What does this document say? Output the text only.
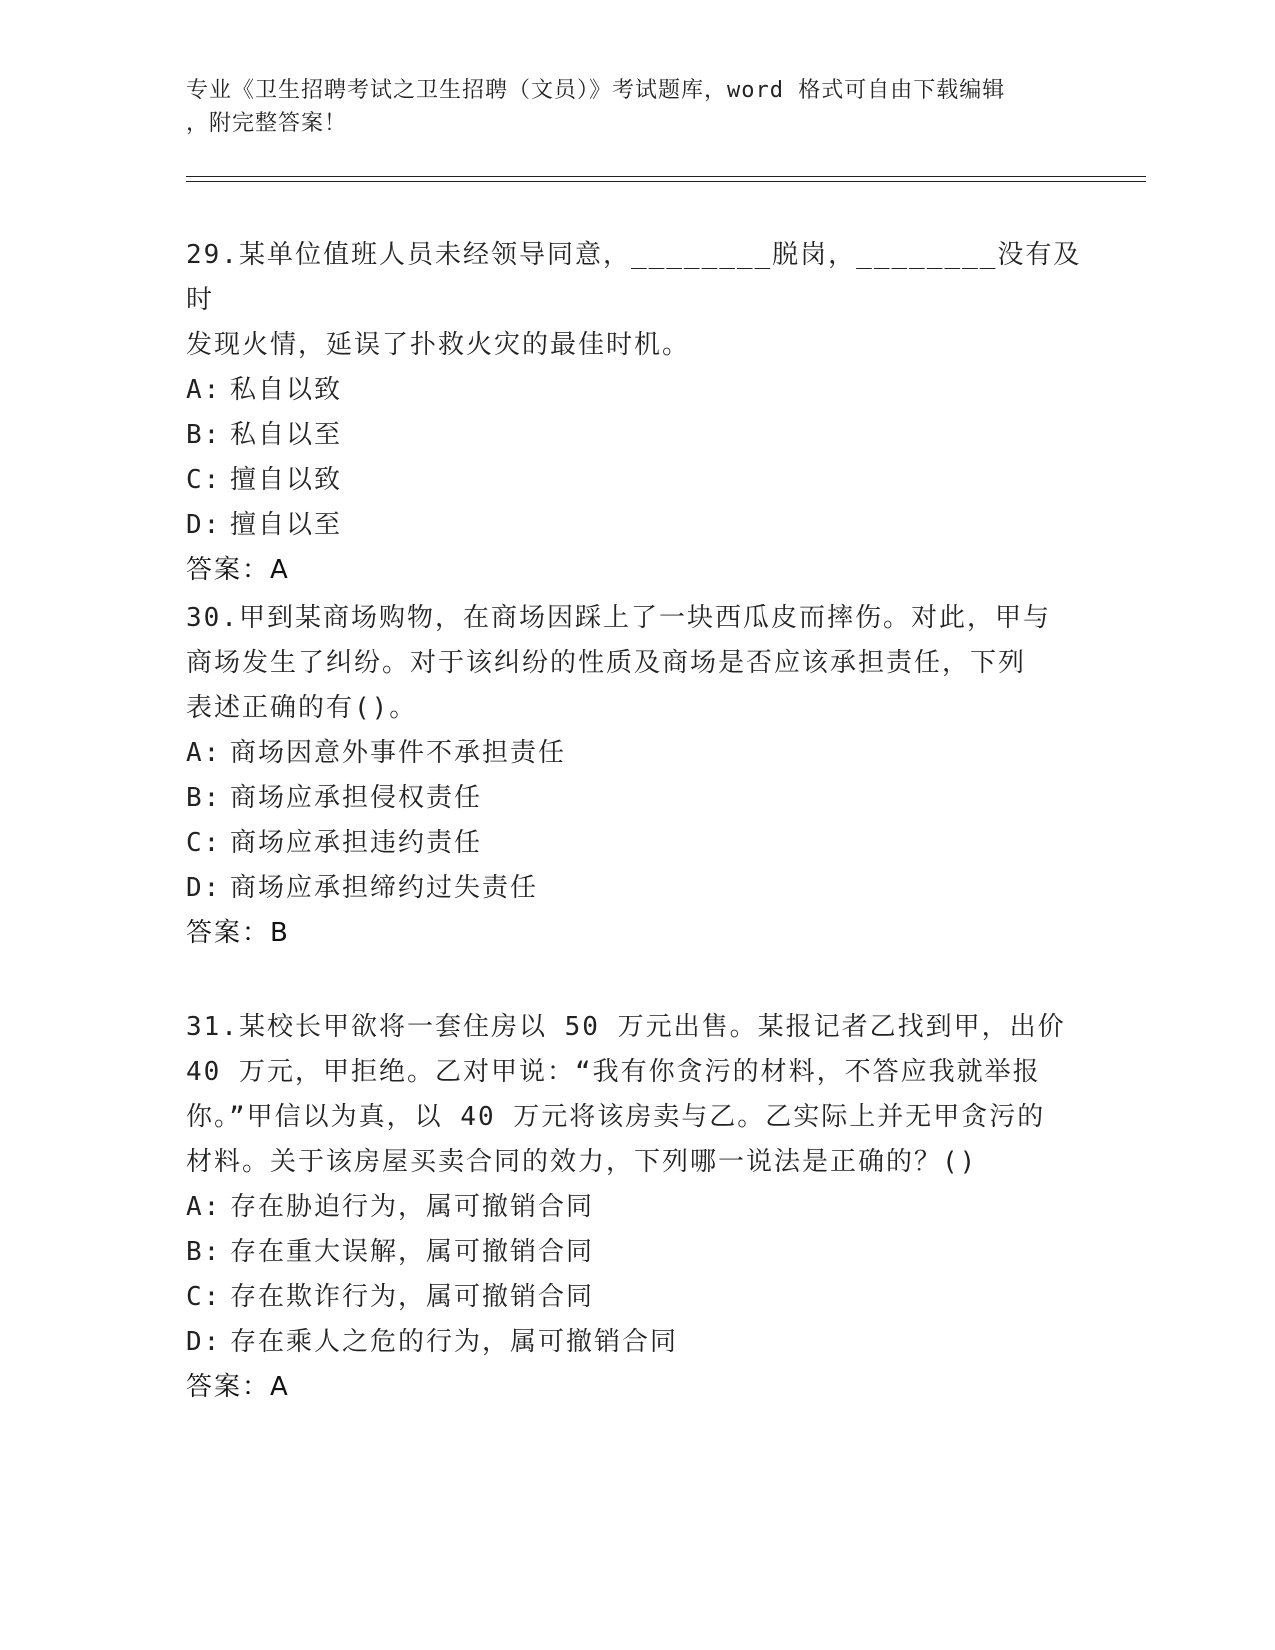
专业《卫生招聘考试之卫生招聘（文员）》考试题库，word 格式可自由下载编辑
，附完整答案！

29.某单位值班人员未经领导同意，________脱岗，________没有及时

发现火情，延误了扑救火灾的最佳时机。

A: 私自以致

B: 私自以至

C: 擅自以致

D: 擅自以至

答案：A

30.甲到某商场购物，在商场因踩上了一块西瓜皮而摔伤。对此，甲与

商场发生了纠纷。对于该纠纷的性质及商场是否应该承担责任，下列

表述正确的有()。

A: 商场因意外事件不承担责任

B: 商场应承担侵权责任

C: 商场应承担违约责任

D: 商场应承担缔约过失责任

答案：B

31.某校长甲欲将一套住房以 50 万元出售。某报记者乙找到甲，出价

40 万元，甲拒绝。乙对甲说：“我有你贪污的材料，不答应我就举报

你。”甲信以为真，以 40 万元将该房卖与乙。乙实际上并无甲贪污的

材料。关于该房屋买卖合同的效力，下列哪一说法是正确的？()

A: 存在胁迫行为，属可撤销合同

B: 存在重大误解，属可撤销合同

C: 存在欺诈行为，属可撤销合同

D: 存在乘人之危的行为，属可撤销合同

答案：A
